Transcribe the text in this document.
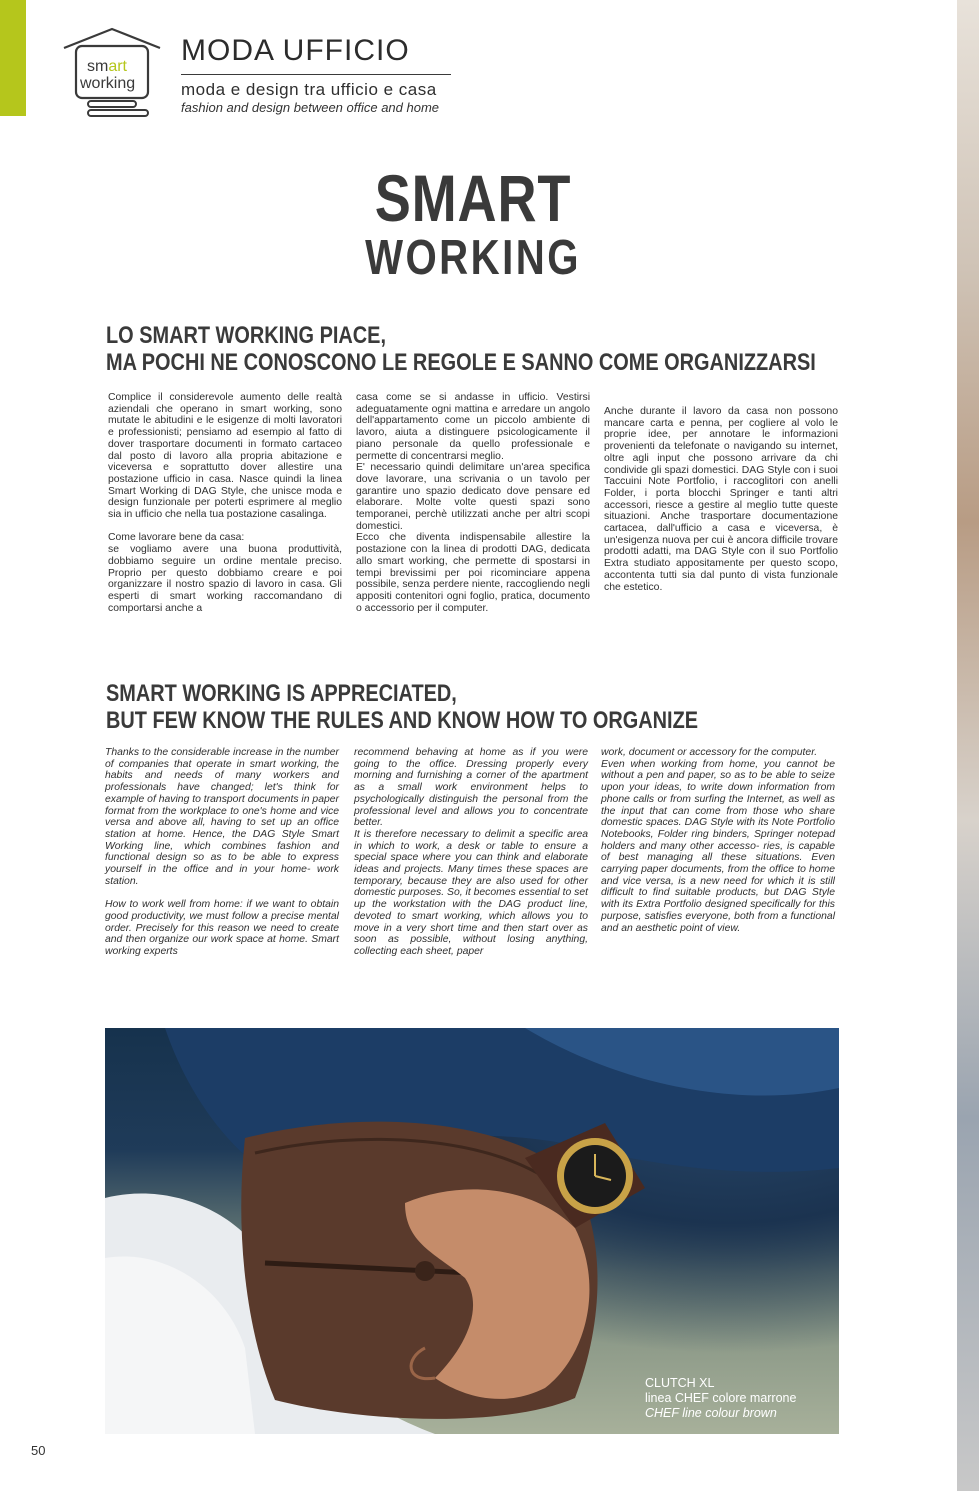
smart
working
MODA UFFICIO

moda e design tra ufficio e casa

fashion and design between office and home

SMART
WORKING
LO SMART WORKING PIACE,
MA POCHI NE CONOSCONO LE REGOLE E SANNO COME ORGANIZZARSI

Complice il considerevole aumento delle realtà aziendali che operano in smart working, sono mutate le abitudini e le esigenze di molti lavoratori e professionisti; pensiamo ad esempio al fatto di dover trasportare documenti in formato cartaceo dal posto di lavoro alla propria abitazione e viceversa e soprattutto dover allestire una postazione ufficio in casa. Nasce quindi la linea Smart Working di DAG Style, che unisce moda e design funzionale per poterti esprimere al meglio sia in ufficio che nella tua postazione casalinga.

Come lavorare bene da casa:

se vogliamo avere una buona produttività, dobbiamo seguire un ordine mentale preciso. Proprio per questo dobbiamo creare e poi organizzare il nostro spazio di lavoro in casa. Gli esperti di smart working raccomandano di comportarsi anche a

casa come se si andasse in ufficio. Vestirsi adeguatamente ogni mattina e arredare un angolo dell'appartamento come un piccolo ambiente di lavoro, aiuta a distinguere psicologicamente il piano personale da quello professionale e permette di concentrarsi meglio.

E' necessario quindi delimitare un'area specifica dove lavorare, una scrivania o un tavolo per garantire uno spazio dedicato dove pensare ed elaborare. Molte volte questi spazi sono temporanei, perchè utilizzati anche per altri scopi domestici.

Ecco che diventa indispensabile allestire la postazione con la linea di prodotti DAG, dedicata allo smart working, che permette di spostarsi in tempi brevissimi per poi ricominciare appena possibile, senza perdere niente, raccogliendo negli appositi contenitori ogni foglio, pratica, documento o accessorio per il computer.

Anche durante il lavoro da casa non possono mancare carta e penna, per cogliere al volo le proprie idee, per annotare le informazioni provenienti da telefonate o navigando su internet, oltre agli input che possono arrivare da chi condivide gli spazi domestici. DAG Style con i suoi Taccuini Note Portfolio, i raccoglitori con anelli Folder, i porta blocchi Springer e tanti altri accessori, riesce a gestire al meglio tutte queste situazioni. Anche trasportare documentazione cartacea, dall'ufficio a casa e viceversa, è un'esigenza nuova per cui è ancora difficile trovare prodotti adatti, ma DAG Style con il suo Portfolio Extra studiato appositamente per questo scopo, accontenta tutti sia dal punto di vista funzionale che estetico.

SMART WORKING IS APPRECIATED,
BUT FEW KNOW THE RULES AND KNOW HOW TO ORGANIZE

Thanks to the considerable increase in the number of companies that operate in smart working, the habits and needs of many workers and professionals have changed; let's think for example of having to transport documents in paper format from the workplace to one's home and vice versa and above all, having to set up an office station at home. Hence, the DAG Style Smart Working line, which combines fashion and functional design so as to be able to express yourself in the office and in your home- work station.

How to work well from home: if we want to obtain good productivity, we must follow a precise mental order. Precisely for this reason we need to create and then organize our work space at home. Smart working experts

recommend behaving at home as if you were going to the office. Dressing properly every morning and furnishing a corner of the apartment as a small work environment helps to psychologically distinguish the personal from the professional level and allows you to concentrate better.

It is therefore necessary to delimit a specific area in which to work, a desk or table to ensure a special space where you can think and elaborate ideas and projects. Many times these spaces are temporary, because they are also used for other domestic purposes. So, it becomes essential to set up the workstation with the DAG product line, devoted to smart working, which allows you to move in a very short time and then start over as soon as possible, without losing anything, collecting each sheet, paper

work, document or accessory for the computer.

Even when working from home, you cannot be without a pen and paper, so as to be able to seize upon your ideas, to write down information from phone calls or from surfing the Internet, as well as the input that can come from those who share domestic spaces. DAG Style with its Note Portfolio Notebooks, Folder ring binders, Springer notepad holders and many other accesso- ries, is capable of best managing all these situations. Even carrying paper documents, from the office to home and vice versa, is a new need for which it is still difficult to find suitable products, but DAG Style with its Extra Portfolio designed specifically for this purpose, satisfies everyone, both from a functional and an aesthetic point of view.

CLUTCH XL

linea CHEF colore marrone

CHEF line colour brown

50
